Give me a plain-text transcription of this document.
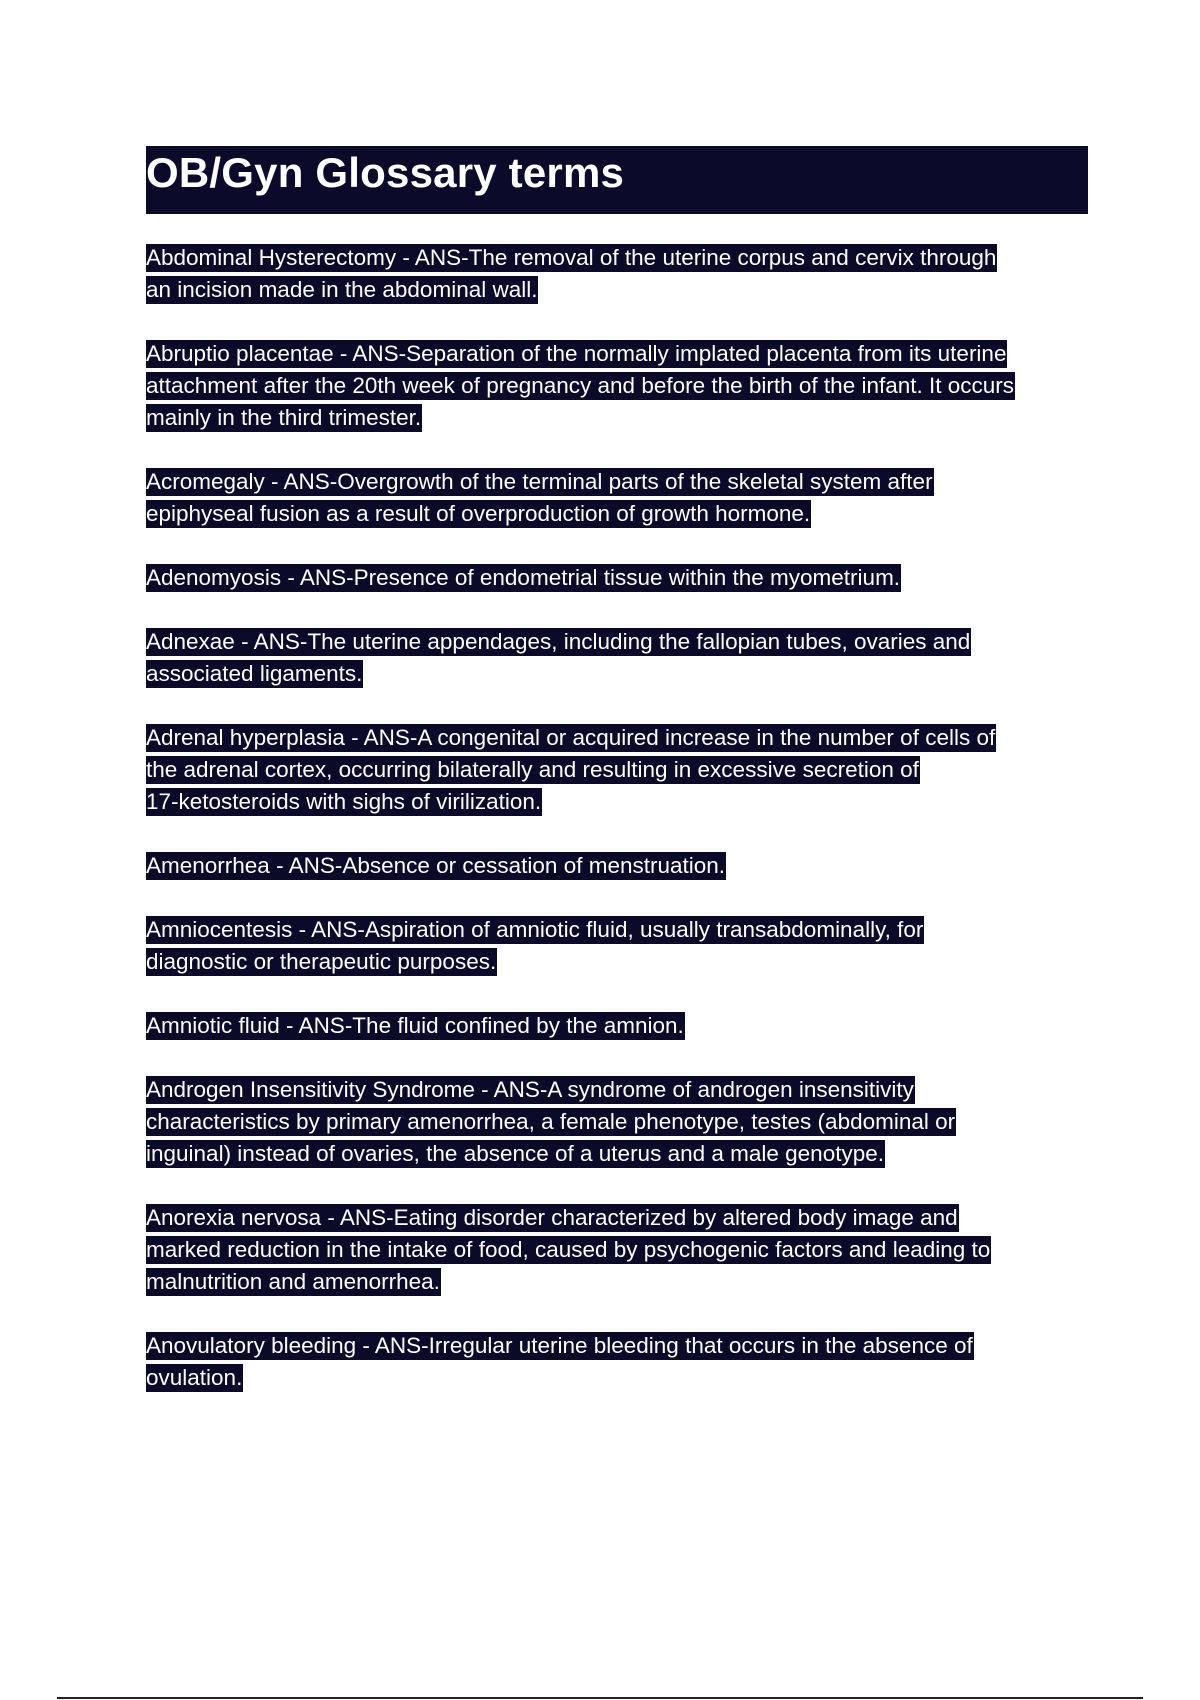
OB/Gyn Glossary terms

Abdominal Hysterectomy - ANS-The removal of the uterine corpus and cervix through
an incision made in the abdominal wall.

Abruptio placentae - ANS-Separation of the normally implated placenta from its uterine
attachment after the 20th week of pregnancy and before the birth of the infant. It occurs
mainly in the third trimester.

Acromegaly - ANS-Overgrowth of the terminal parts of the skeletal system after
epiphyseal fusion as a result of overproduction of growth hormone.

Adenomyosis - ANS-Presence of endometrial tissue within the myometrium.

Adnexae - ANS-The uterine appendages, including the fallopian tubes, ovaries and
associated ligaments.

Adrenal hyperplasia - ANS-A congenital or acquired increase in the number of cells of
the adrenal cortex, occurring bilaterally and resulting in excessive secretion of
17-ketosteroids with sighs of virilization.

Amenorrhea - ANS-Absence or cessation of menstruation.

Amniocentesis - ANS-Aspiration of amniotic fluid, usually transabdominally, for
diagnostic or therapeutic purposes.

Amniotic fluid - ANS-The fluid confined by the amnion.

Androgen Insensitivity Syndrome - ANS-A syndrome of androgen insensitivity
characteristics by primary amenorrhea, a female phenotype, testes (abdominal or
inguinal) instead of ovaries, the absence of a uterus and a male genotype.

Anorexia nervosa - ANS-Eating disorder characterized by altered body image and
marked reduction in the intake of food, caused by psychogenic factors and leading to
malnutrition and amenorrhea.

Anovulatory bleeding - ANS-Irregular uterine bleeding that occurs in the absence of
ovulation.
